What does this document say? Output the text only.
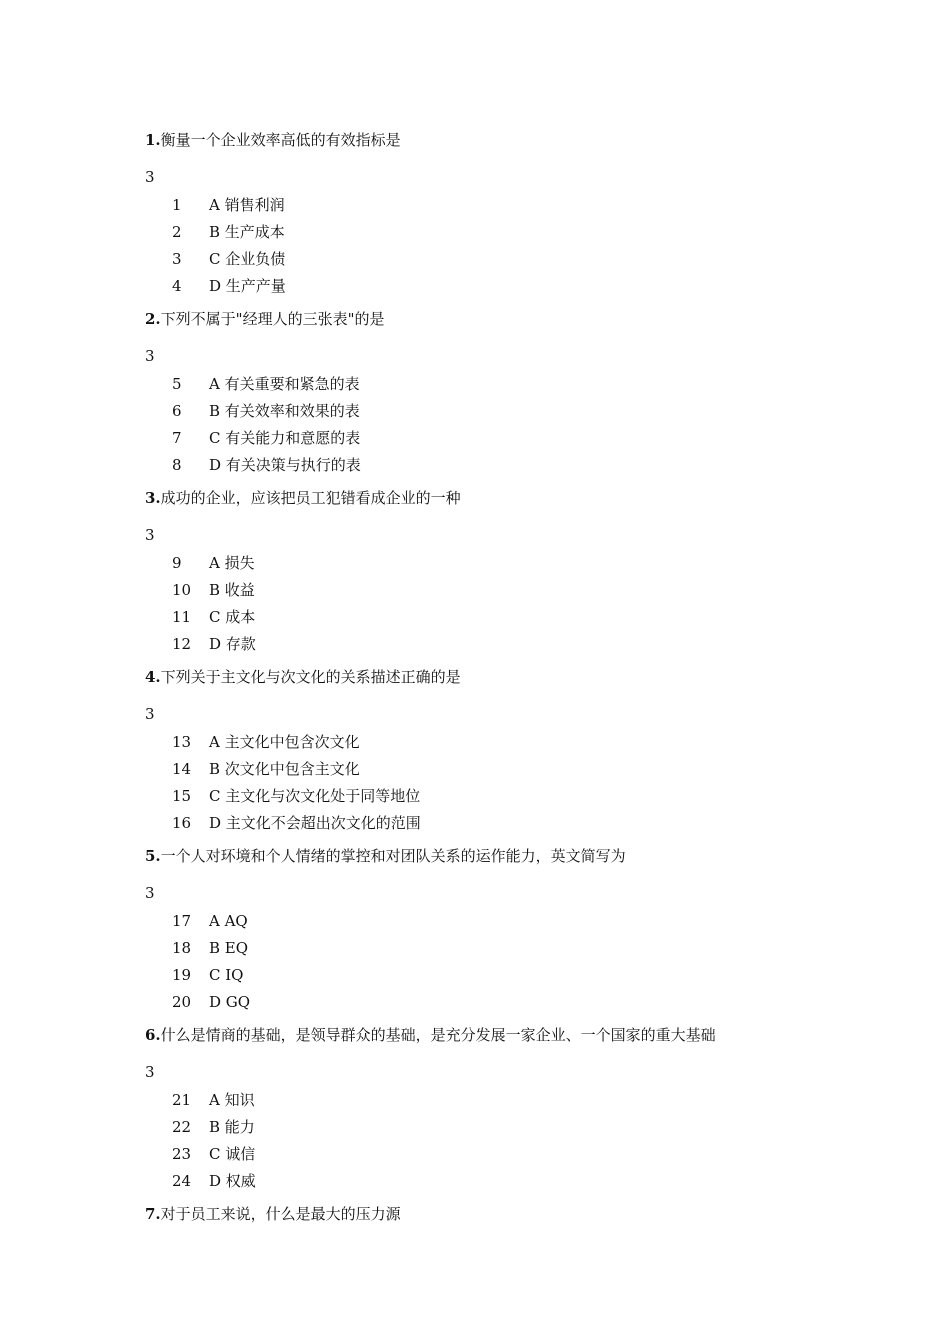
1.衡量一个企业效率高低的有效指标是
3
1	A 销售利润
2	B 生产成本
3	C 企业负债
4	D 生产产量
2.下列不属于"经理人的三张表"的是
3
5	A 有关重要和紧急的表
6	B 有关效率和效果的表
7	C 有关能力和意愿的表
8	D 有关决策与执行的表
3.成功的企业，应该把员工犯错看成企业的一种
3
9	A 损失
10	B 收益
11	C 成本
12	D 存款
4.下列关于主文化与次文化的关系描述正确的是
3
13	A 主文化中包含次文化
14	B 次文化中包含主文化
15	C 主文化与次文化处于同等地位
16	D 主文化不会超出次文化的范围
5.一个人对环境和个人情绪的掌控和对团队关系的运作能力，英文简写为
3
17	A AQ
18	B EQ
19	C IQ
20	D GQ
6.什么是情商的基础，是领导群众的基础，是充分发展一家企业、一个国家的重大基础
3
21	A 知识
22	B 能力
23	C 诚信
24	D 权威
7.对于员工来说，什么是最大的压力源
